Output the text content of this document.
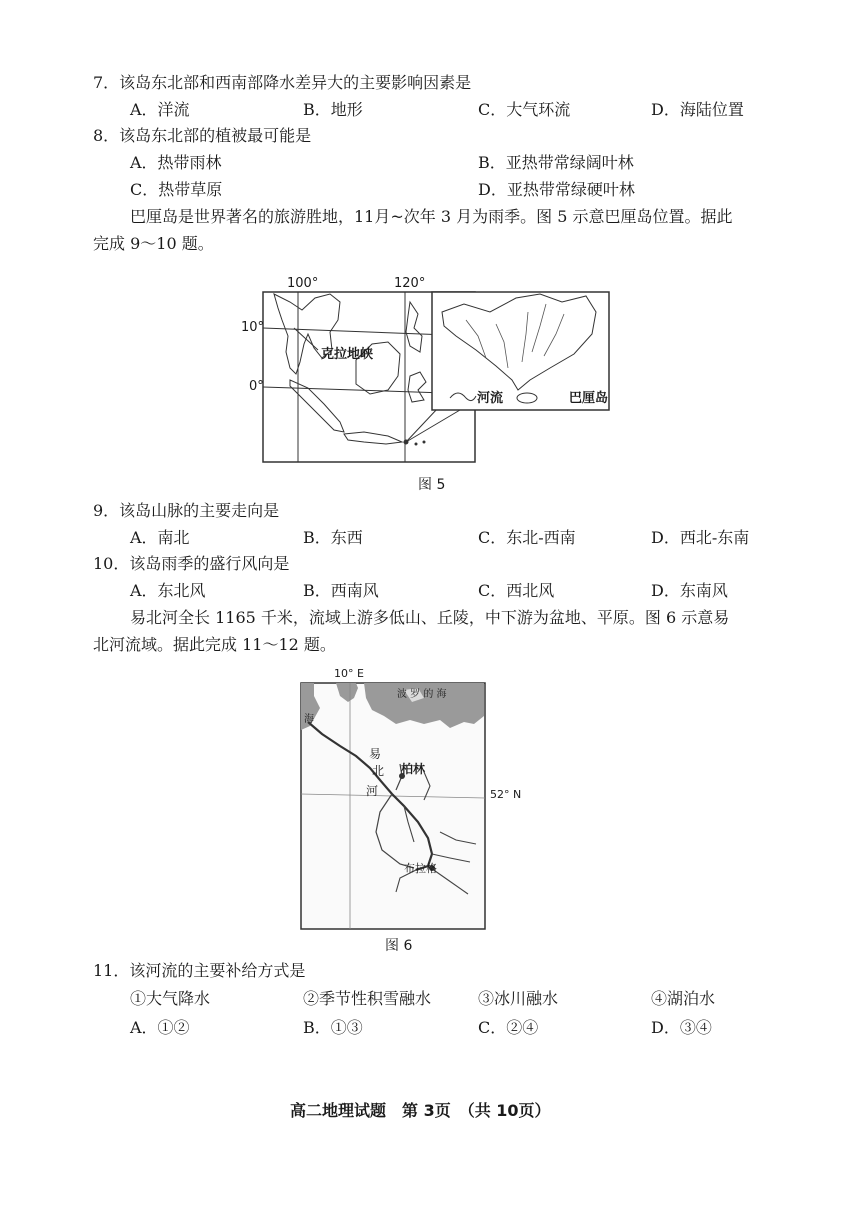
7．该岛东北部和西南部降水差异大的主要影响因素是
A．洋流	B．地形	C．大气环流	D．海陆位置
8．该岛东北部的植被最可能是
A．热带雨林	B．亚热带常绿阔叶林
C．热带草原	D．亚热带常绿硬叶林
巴厘岛是世界著名的旅游胜地，11月~次年 3 月为雨季。图 5 示意巴厘岛位置。据此
完成 9～10 题。
100°	120°
10°
0°
克拉地峡
河流	巴厘岛
图 5
9．该岛山脉的主要走向是
A．南北	B．东西	C．东北-西南	D．西北-东南
10．该岛雨季的盛行风向是
A．东北风	B．西南风	C．西北风	D．东南风
易北河全长 1165 千米，流域上游多低山、丘陵，中下游为盆地、平原。图 6 示意易
北河流域。据此完成 11～12 题。
10° E
52° N
波 罗 的 海
海
易
北
河
柏林
布拉格
图 6
11．该河流的主要补给方式是
①大气降水	②季节性积雪融水	③冰川融水	④湖泊水
A．①②	B．①③	C．②④	D．③④
高二地理试题　第 3页　（共 10页）
